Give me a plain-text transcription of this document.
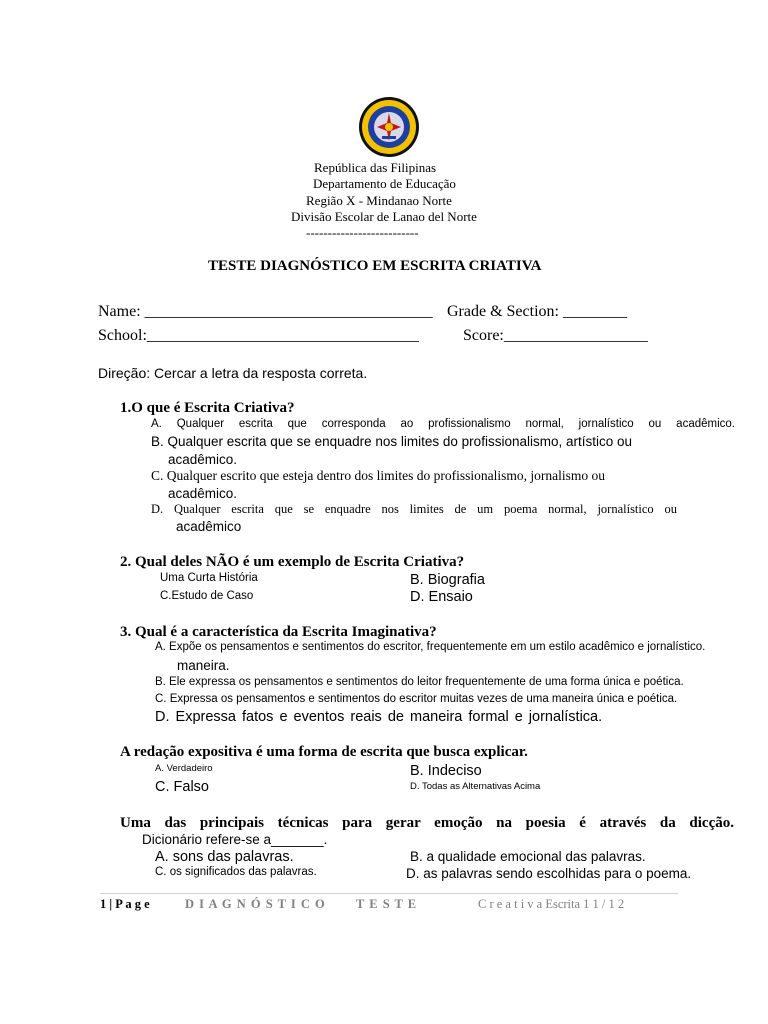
República das Filipinas
Departamento de Educação
Região X - Mindanao Norte
Divisão Escolar de Lanao del Norte
--------------------------
TESTE DIAGNÓSTICO EM ESCRITA CRIATIVA
Name: ____________________________________ Grade & Section: ________
School:__________________________________	Score:__________________
Direção: Cercar a letra da resposta correta.
1.O que é Escrita Criativa?
A. Qualquer escrita que corresponda ao profissionalismo normal, jornalístico ou acadêmico.
B. Qualquer escrita que se enquadre nos limites do profissionalismo, artístico ou
acadêmico.
C. Qualquer escrito que esteja dentro dos limites do profissionalismo, jornalismo ou
acadêmico.
D. Qualquer escrita que se enquadre nos limites de um poema normal, jornalístico ou
acadêmico
2. Qual deles NÃO é um exemplo de Escrita Criativa?
Uma Curta História	B. Biografia
C.Estudo de Caso	D. Ensaio
3. Qual é a característica da Escrita Imaginativa?
A. Expõe os pensamentos e sentimentos do escritor, frequentemente em um estilo acadêmico e jornalístico.
maneira.
B. Ele expressa os pensamentos e sentimentos do leitor frequentemente de uma forma única e poética.
C. Expressa os pensamentos e sentimentos do escritor muitas vezes de uma maneira única e poética.
D. Expressa fatos e eventos reais de maneira formal e jornalística.
A redação expositiva é uma forma de escrita que busca explicar.
A. Verdadeiro	B. Indeciso
C. Falso	D. Todas as Alternativas Acima
Uma das principais técnicas para gerar emoção na poesia é através da dicção.
Dicionário refere-se a_______.
A. sons das palavras.	B. a qualidade emocional das palavras.
C. os significados das palavras.	D. as palavras sendo escolhidas para o poema.
1 | P a g e	D I A G N Ó S T I C O T E S T E	C r e a t i v a Escrita 1 1 / 1 2
